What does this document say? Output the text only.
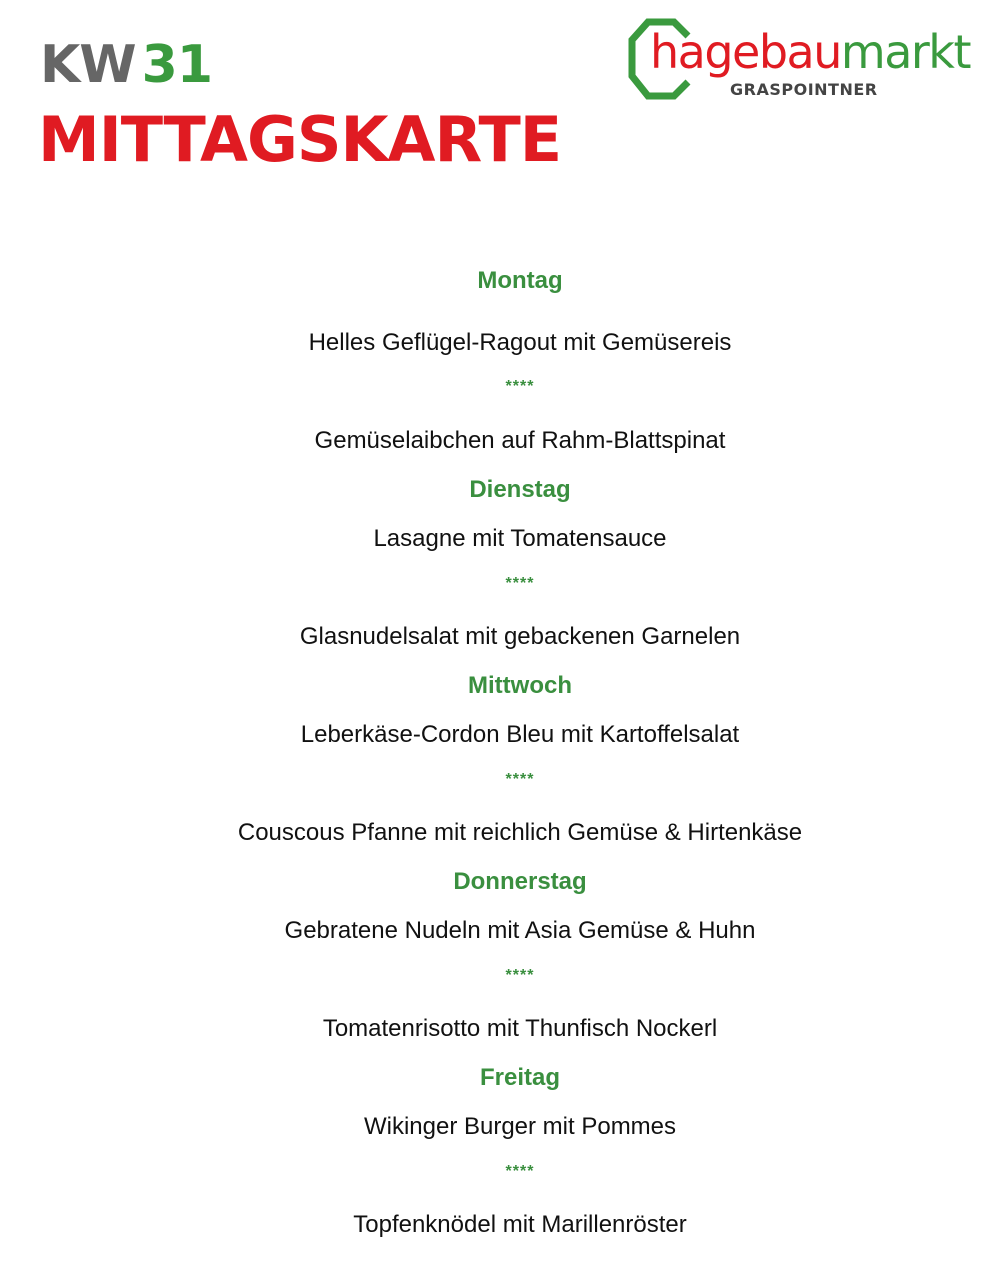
KW 31
MITTAGSKARTE
hagebaumarkt
GRASPOINTNER
Montag
Helles Geflügel-Ragout mit Gemüsereis
****
Gemüselaibchen auf Rahm-Blattspinat
Dienstag
Lasagne mit Tomatensauce
****
Glasnudelsalat mit gebackenen Garnelen
Mittwoch
Leberkäse-Cordon Bleu mit Kartoffelsalat
****
Couscous Pfanne mit reichlich Gemüse & Hirtenkäse
Donnerstag
Gebratene Nudeln mit Asia Gemüse & Huhn
****
Tomatenrisotto mit Thunfisch Nockerl
Freitag
Wikinger Burger mit Pommes
****
Topfenknödel mit Marillenröster
